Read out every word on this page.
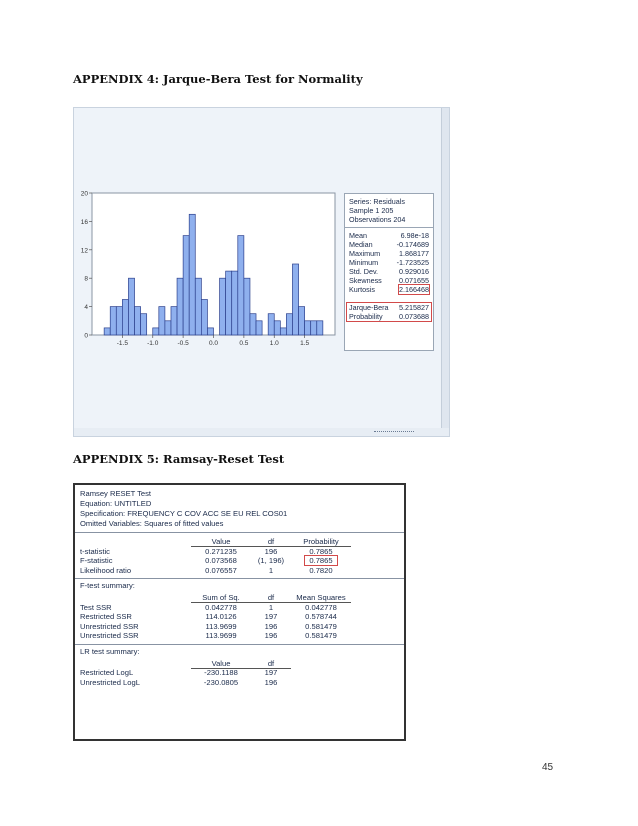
APPENDIX 4: Jarque-Bera Test for Normality
0
4
8
12
16
20
-1.5	-1.0	-0.5	0.0	0.5	1.0	1.5
Series: Residuals
Sample 1 205
Observations 204
Mean	6.98e-18
Median	-0.174689
Maximum	1.868177
Minimum	-1.723525
Std. Dev.	0.929016
Skewness 0.071655
Kurtosis	2.166468
Jarque-Bera 5.215827
Probability 0.073688
APPENDIX 5: Ramsay-Reset Test
Ramsey RESET Test
Equation: UNTITLED
Specification: FREQUENCY C COV ACC SE EU REL COS01
Omitted Variables: Squares of fitted values
Value	df	Probability
t-statistic	0.271235	196	0.7865
F-statistic	0.073568	(1, 196)	0.7865
Likelihood ratio	0.076557	1	0.7820
F-test summary:
Sum of Sq.	df	Mean Squares
Test SSR	0.042778	1	0.042778
Restricted SSR	114.0126	197	0.578744
Unrestricted SSR	113.9699	196	0.581479
Unrestricted SSR	113.9699	196	0.581479
LR test summary:
Value	df
Restricted LogL	-230.1188	197
Unrestricted LogL	-230.0805	196
45
